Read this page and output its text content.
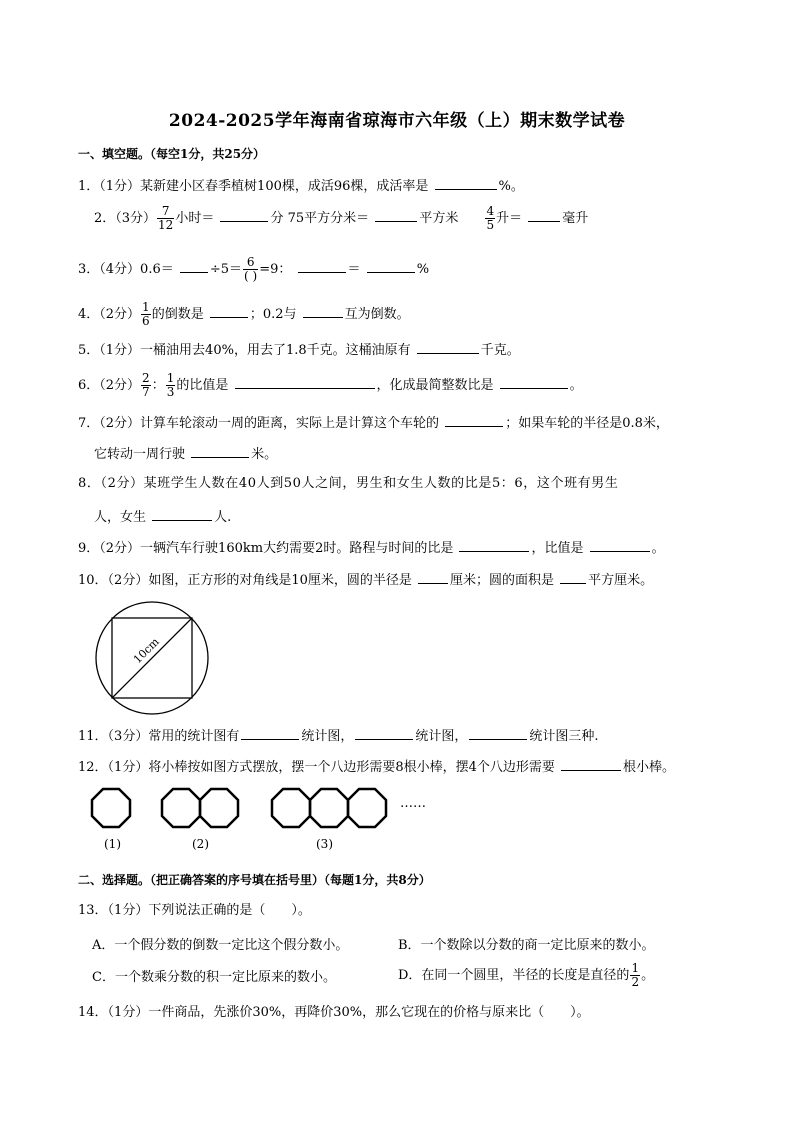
2024-2025学年海南省琼海市六年级（上）期末数学试卷
一、填空题。（每空1分，共25分）
1．（1分）某新建小区春季植树100棵，成活96棵，成活率是	%。
2．（3分） $\frac{7}{12}$ 小时＝	分 75平方分米＝	平方米 $\frac{4}{5}$ 升＝	毫升
3．（4分）0.6＝	$\div 5= \frac{6}{( )} =9$：	＝	%
4．（2分） $\frac{1}{6}$ 的倒数是	；0.2与	互为倒数。
5．（1分）一桶油用去40%，用去了1.8千克。这桶油原有	千克。
6．（2分） $\frac{2}{7}$ ： $\frac{1}{3}$ 的比值是	，化成最简整数比是	。
7．（2分）计算车轮滚动一周的距离，实际上是计算这个车轮的	；如果车轮的半径是0.8米，
它转动一周行驶	米。
8．（2分）某班学生人数在40人到50人之间，男生和女生人数的比是5：6，这个班有男生
人，女生	人.
9．（2分）一辆汽车行驶160km大约需要2时。路程与时间的比是	，比值是	。
10．（2分）如图，正方形的对角线是10厘米，圆的半径是	厘米；圆的面积是	平方厘米。
10cm
11．（3分）常用的统计图有	统计图，	统计图，	统计图三种.
12．（1分）将小棒按如图方式摆放，摆一个八边形需要8根小棒，摆4个八边形需要	根小棒。
……
(1)	(2)	(3)
二、选择题。（把正确答案的序号填在括号里）（每题1分，共8分）
13．（1分）下列说法正确的是（　　）。
A．一个假分数的倒数一定比这个假分数小。	B．一个数除以分数的商一定比原来的数小。
C．一个数乘分数的积一定比原来的数小。	D．在同一个圆里，半径的长度是直径的 $\frac{1}{2}$ 。
14．（1分）一件商品，先涨价30%，再降价30%，那么它现在的价格与原来比（　　）。
